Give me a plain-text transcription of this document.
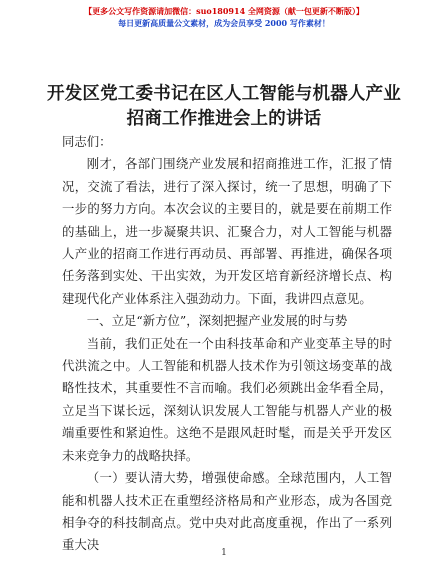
【更多公文写作资源请加微信：suo180914 全网资源（献一包更新不断版）】
每日更新高质量公文素材，成为会员享受 2000 写作素材！
开发区党工委书记在区人工智能与机器人产业
招商工作推进会上的讲话

同志们：

刚才，各部门围绕产业发展和招商推进工作，汇报了情况，交流了看法，进行了深入探讨，统一了思想，明确了下一步的努力方向。本次会议的主要目的，就是要在前期工作的基础上，进一步凝聚共识、汇聚合力，对人工智能与机器人产业的招商工作进行再动员、再部署、再推进，确保各项任务落到实处、干出实效，为开发区培育新经济增长点、构建现代化产业体系注入强劲动力。下面，我讲四点意见。

一、立足“新方位”，深刻把握产业发展的时与势

当前，我们正处在一个由科技革命和产业变革主导的时代洪流之中。人工智能和机器人技术作为引领这场变革的战略性技术，其重要性不言而喻。我们必须跳出金华看全局，立足当下谋长远，深刻认识发展人工智能与机器人产业的极端重要性和紧迫性。这绝不是跟风赶时髦，而是关乎开发区未来竞争力的战略抉择。

（一）要认清大势，增强使命感。全球范围内，人工智能和机器人技术正在重塑经济格局和产业形态，成为各国竞相争夺的科技制高点。党中央对此高度重视，作出了一系列重大决

1
